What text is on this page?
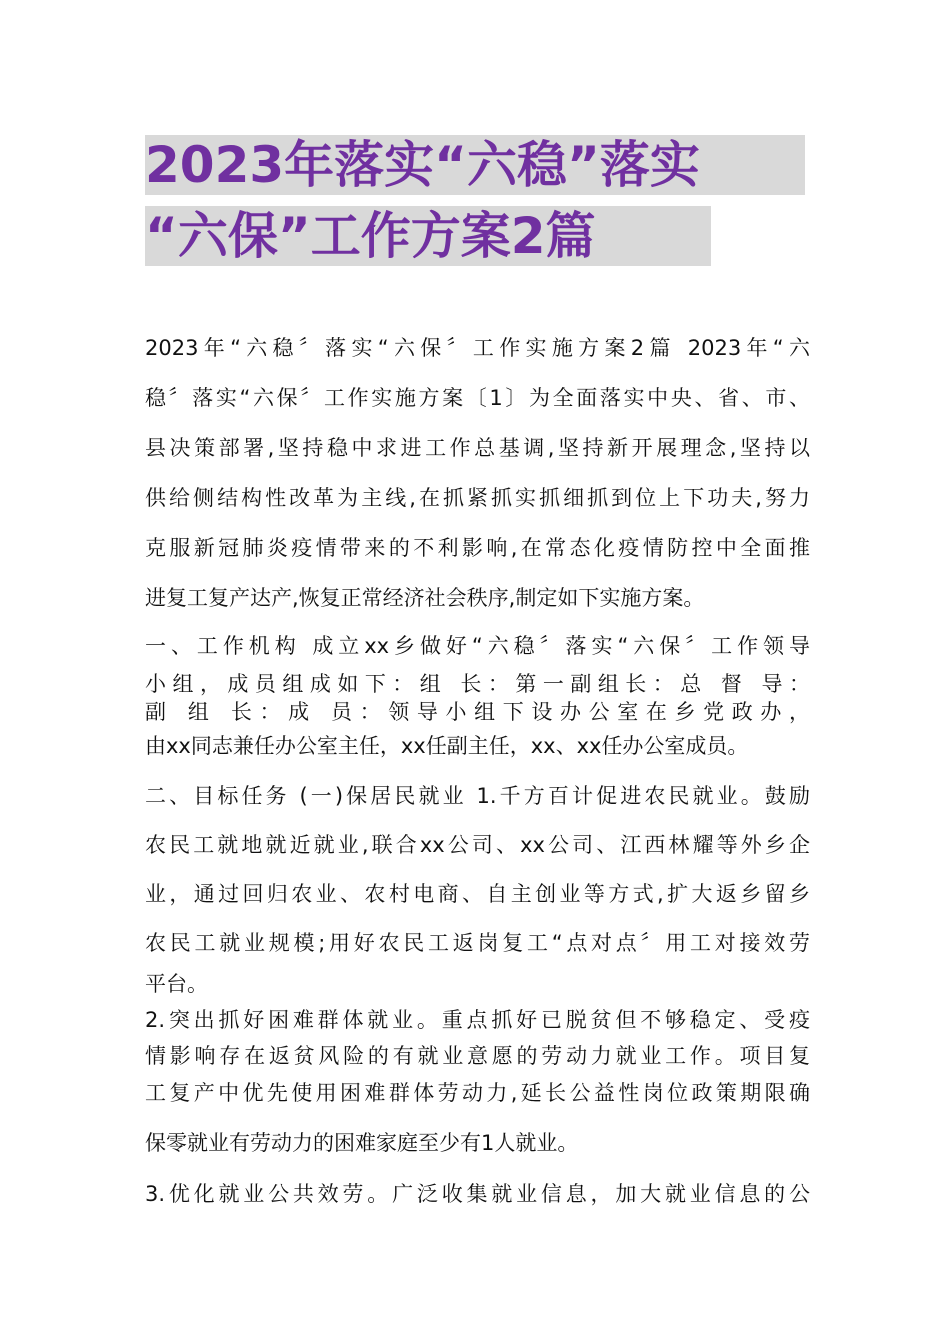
2023年落实“六稳”落实
“六保”工作方案2篇
2023年“六稳〞落实“六保〞工作实施方案2篇 2023年“六
稳〞落实“六保〞工作实施方案〔1〕为全面落实中央、省、市、
县决策部署,坚持稳中求进工作总基调,坚持新开展理念,坚持以
供给侧结构性改革为主线,在抓紧抓实抓细抓到位上下功夫,努力
克服新冠肺炎疫情带来的不利影响,在常态化疫情防控中全面推
进复工复产达产,恢复正常经济社会秩序,制定如下实施方案。
一、工作机构 成立xx乡做好“六稳〞落实“六保〞工作领导
小组，成员组成如下：组 长：第一副组长：总 督 导：
副 组 长：成 员：领导小组下设办公室在乡党政办，
由xx同志兼任办公室主任，xx任副主任，xx、xx任办公室成员。
二、目标任务 (一)保居民就业 1.千方百计促进农民就业。鼓励
农民工就地就近就业,联合xx公司、xx公司、江西林耀等外乡企
业，通过回归农业、农村电商、自主创业等方式,扩大返乡留乡
农民工就业规模;用好农民工返岗复工“点对点〞用工对接效劳
平台。
2.突出抓好困难群体就业。重点抓好已脱贫但不够稳定、受疫
情影响存在返贫风险的有就业意愿的劳动力就业工作。项目复
工复产中优先使用困难群体劳动力,延长公益性岗位政策期限确
保零就业有劳动力的困难家庭至少有1人就业。
3.优化就业公共效劳。广泛收集就业信息，加大就业信息的公
